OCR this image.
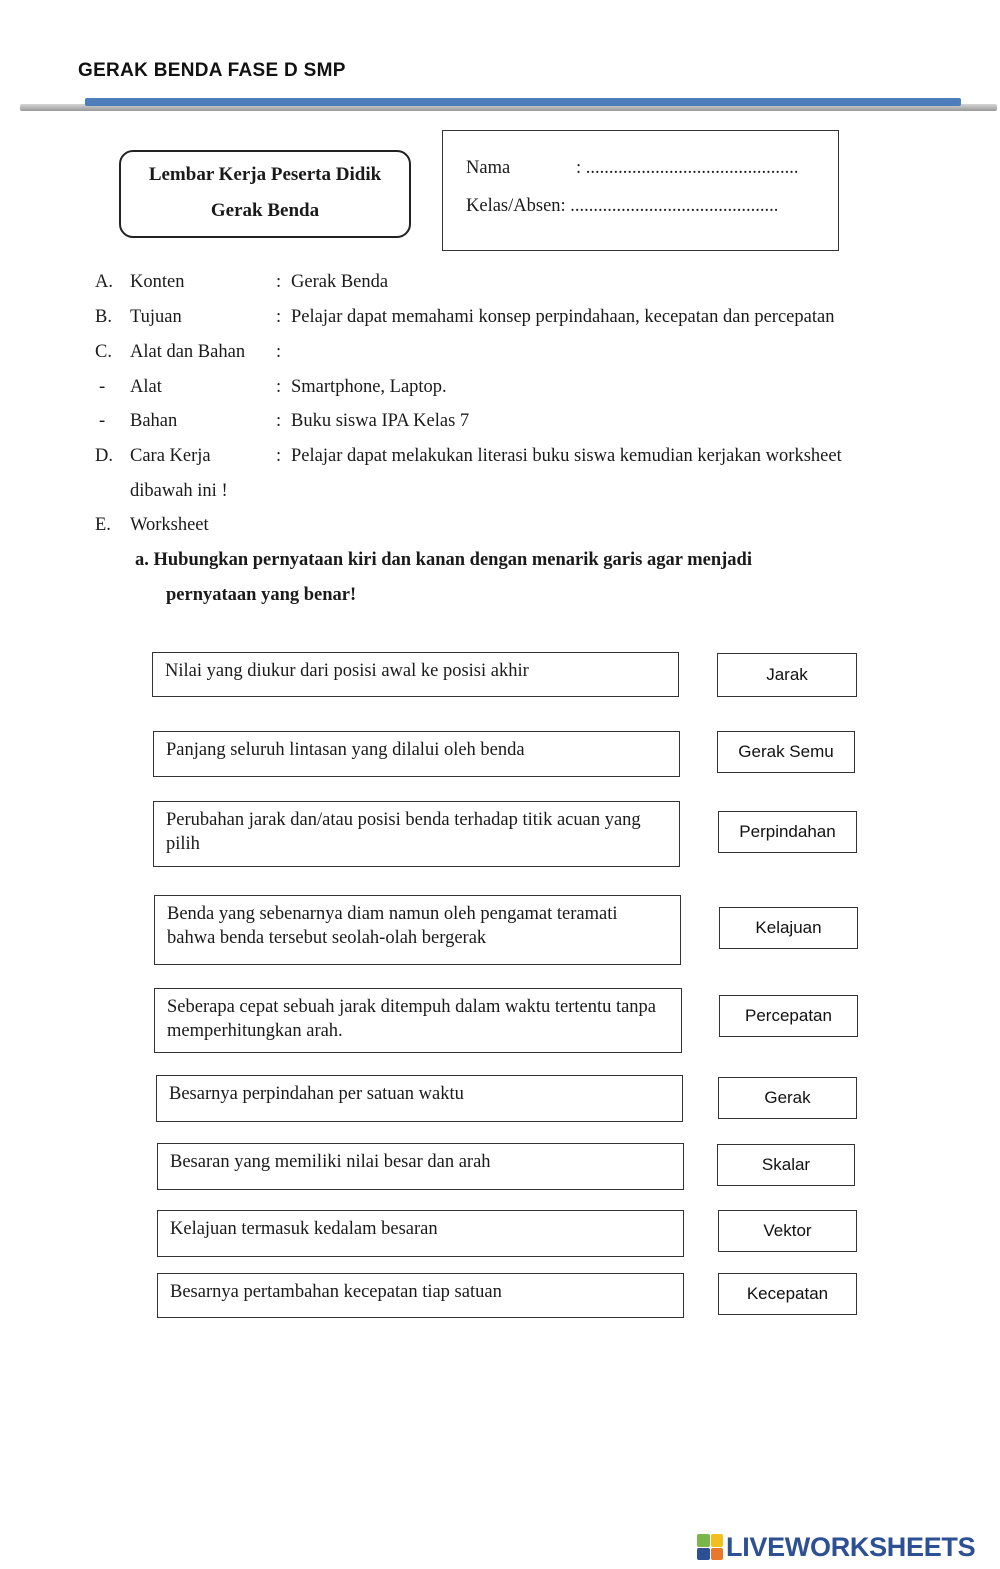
GERAK BENDA FASE D SMP
Lembar Kerja Peserta Didik
Gerak Benda
Nama	: ..............................................
Kelas/Absen: .............................................
A. Konten	: Gerak Benda
B. Tujuan	: Pelajar dapat memahami konsep perpindahaan, kecepatan dan percepatan
C. Alat dan Bahan :
- Alat	: Smartphone, Laptop.
- Bahan	: Buku siswa IPA Kelas 7
D. Cara Kerja	: Pelajar dapat melakukan literasi buku siswa kemudian kerjakan worksheet
dibawah ini !
E. Worksheet
a. Hubungkan pernyataan kiri dan kanan dengan menarik garis agar menjadi
pernyataan yang benar!
Nilai yang diukur dari posisi awal ke posisi akhir
Panjang seluruh lintasan yang dilalui oleh benda
Perubahan jarak dan/atau posisi benda terhadap titik acuan yang pilih
Benda yang sebenarnya diam namun oleh pengamat teramati bahwa benda tersebut seolah-olah bergerak
Seberapa cepat sebuah jarak ditempuh dalam waktu tertentu tanpa memperhitungkan arah.
Besarnya perpindahan per satuan waktu
Besaran yang memiliki nilai besar dan arah
Kelajuan termasuk kedalam besaran
Besarnya pertambahan kecepatan tiap satuan
Jarak
Gerak Semu
Perpindahan
Kelajuan
Percepatan
Gerak
Skalar
Vektor
Kecepatan
LIVEWORKSHEETS
